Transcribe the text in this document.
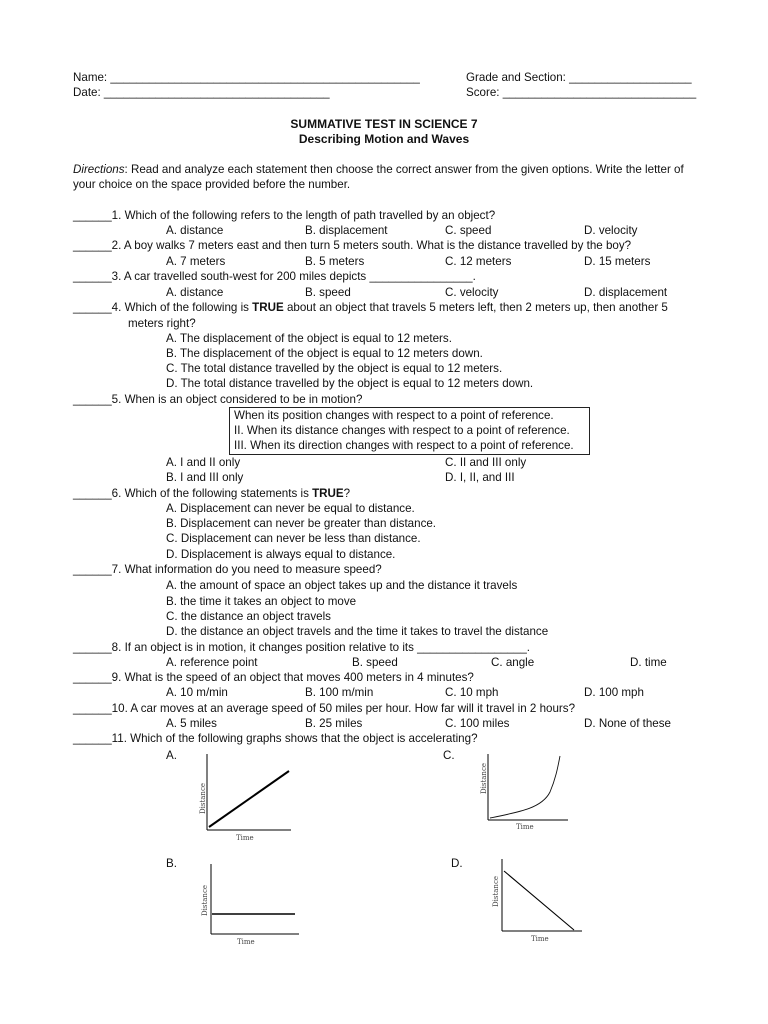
Name: ________________________________________________	Grade and Section: ___________________
Date: ___________________________________	Score: ______________________________
SUMMATIVE TEST IN SCIENCE 7
Describing Motion and Waves
Directions: Read and analyze each statement then choose the correct answer from the given options. Write the letter of
your choice on the space provided before the number.
______1. Which of the following refers to the length of path travelled by an object?
A. distance	B. displacement	C. speed	D. velocity
______2. A boy walks 7 meters east and then turn 5 meters south. What is the distance travelled by the boy?
A. 7 meters	B. 5 meters	C. 12 meters	D. 15 meters
______3. A car travelled south-west for 200 miles depicts ________________.
A. distance	B. speed	C. velocity	D. displacement
______4. Which of the following is TRUE about an object that travels 5 meters left, then 2 meters up, then another 5
meters right?
A. The displacement of the object is equal to 12 meters.
B. The displacement of the object is equal to 12 meters down.
C. The total distance travelled by the object is equal to 12 meters.
D. The total distance travelled by the object is equal to 12 meters down.
______5. When is an object considered to be in motion?
When its position changes with respect to a point of reference.
II. When its distance changes with respect to a point of reference.
III. When its direction changes with respect to a point of reference.
A. I and II only	C. II and III only
B. I and III only	D. I, II, and III
______6. Which of the following statements is TRUE?
A. Displacement can never be equal to distance.
B. Displacement can never be greater than distance.
C. Displacement can never be less than distance.
D. Displacement is always equal to distance.
______7. What information do you need to measure speed?
A. the amount of space an object takes up and the distance it travels
B. the time it takes an object to move
C. the distance an object travels
D. the distance an object travels and the time it takes to travel the distance
______8. If an object is in motion, it changes position relative to its _________________.
A. reference point	B. speed	C. angle	D. time
______9. What is the speed of an object that moves 400 meters in 4 minutes?
A. 10 m/min	B. 100 m/min	C. 10 mph	D. 100 mph
______10. A car moves at an average speed of 50 miles per hour. How far will it travel in 2 hours?
A. 5 miles	B. 25 miles	C. 100 miles	D. None of these
______11. Which of the following graphs shows that the object is accelerating?
A.	C.
B.	D.
Time
Distance
Time
Distance
Time
Distance
Time
Distance
